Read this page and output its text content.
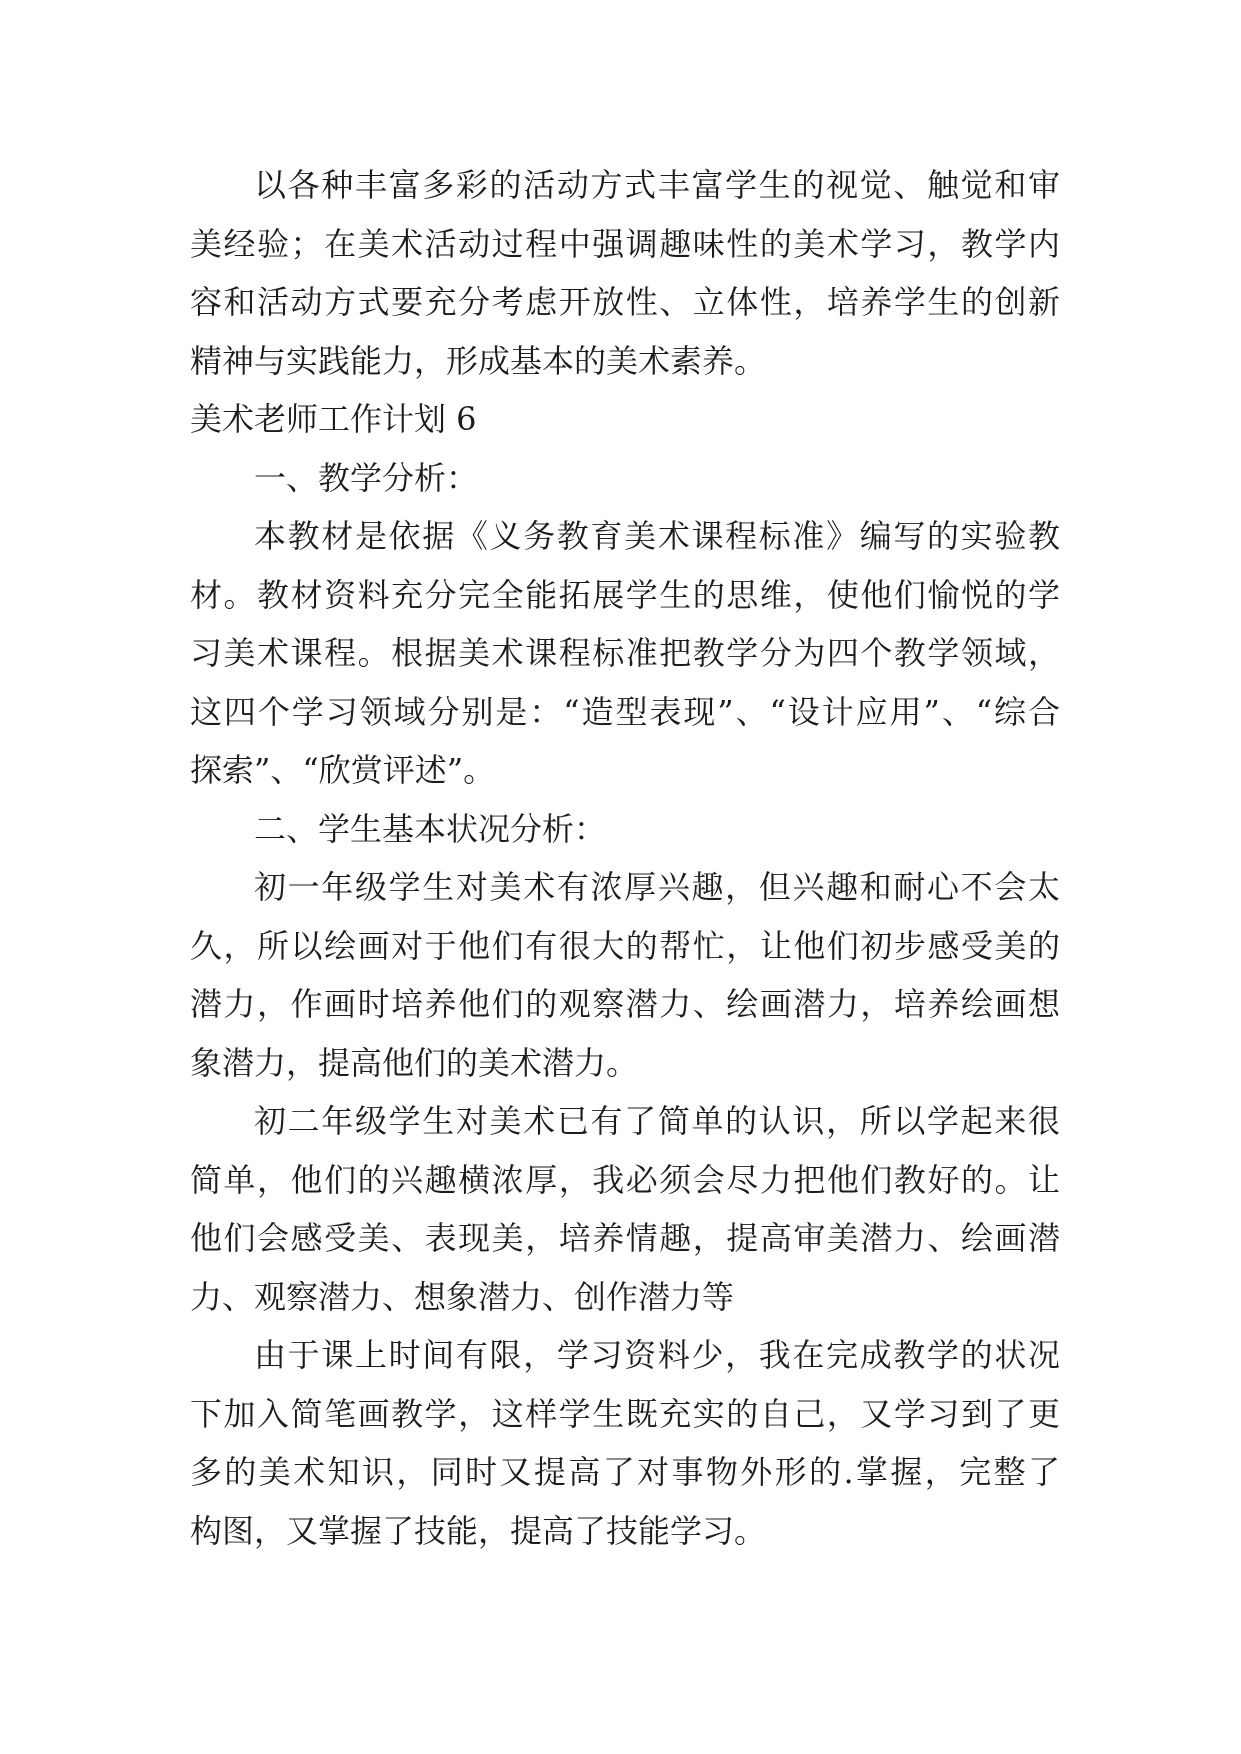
以各种丰富多彩的活动方式丰富学生的视觉、触觉和审
美经验；在美术活动过程中强调趣味性的美术学习，教学内
容和活动方式要充分考虑开放性、立体性，培养学生的创新
精神与实践能力，形成基本的美术素养。
美术老师工作计划 6
一、教学分析：
本教材是依据《义务教育美术课程标准》编写的实验教
材。教材资料充分完全能拓展学生的思维，使他们愉悦的学
习美术课程。根据美术课程标准把教学分为四个教学领域，
这四个学习领域分别是：“造型表现”、“设计应用”、“综合
探索”、“欣赏评述”。
二、学生基本状况分析：
初一年级学生对美术有浓厚兴趣，但兴趣和耐心不会太
久，所以绘画对于他们有很大的帮忙，让他们初步感受美的
潜力，作画时培养他们的观察潜力、绘画潜力，培养绘画想
象潜力，提高他们的美术潜力。
初二年级学生对美术已有了简单的认识，所以学起来很
简单，他们的兴趣横浓厚，我必须会尽力把他们教好的。让
他们会感受美、表现美，培养情趣，提高审美潜力、绘画潜
力、观察潜力、想象潜力、创作潜力等
由于课上时间有限，学习资料少，我在完成教学的状况
下加入简笔画教学，这样学生既充实的自己，又学习到了更
多的美术知识，同时又提高了对事物外形的.掌握，完整了
构图，又掌握了技能，提高了技能学习。
